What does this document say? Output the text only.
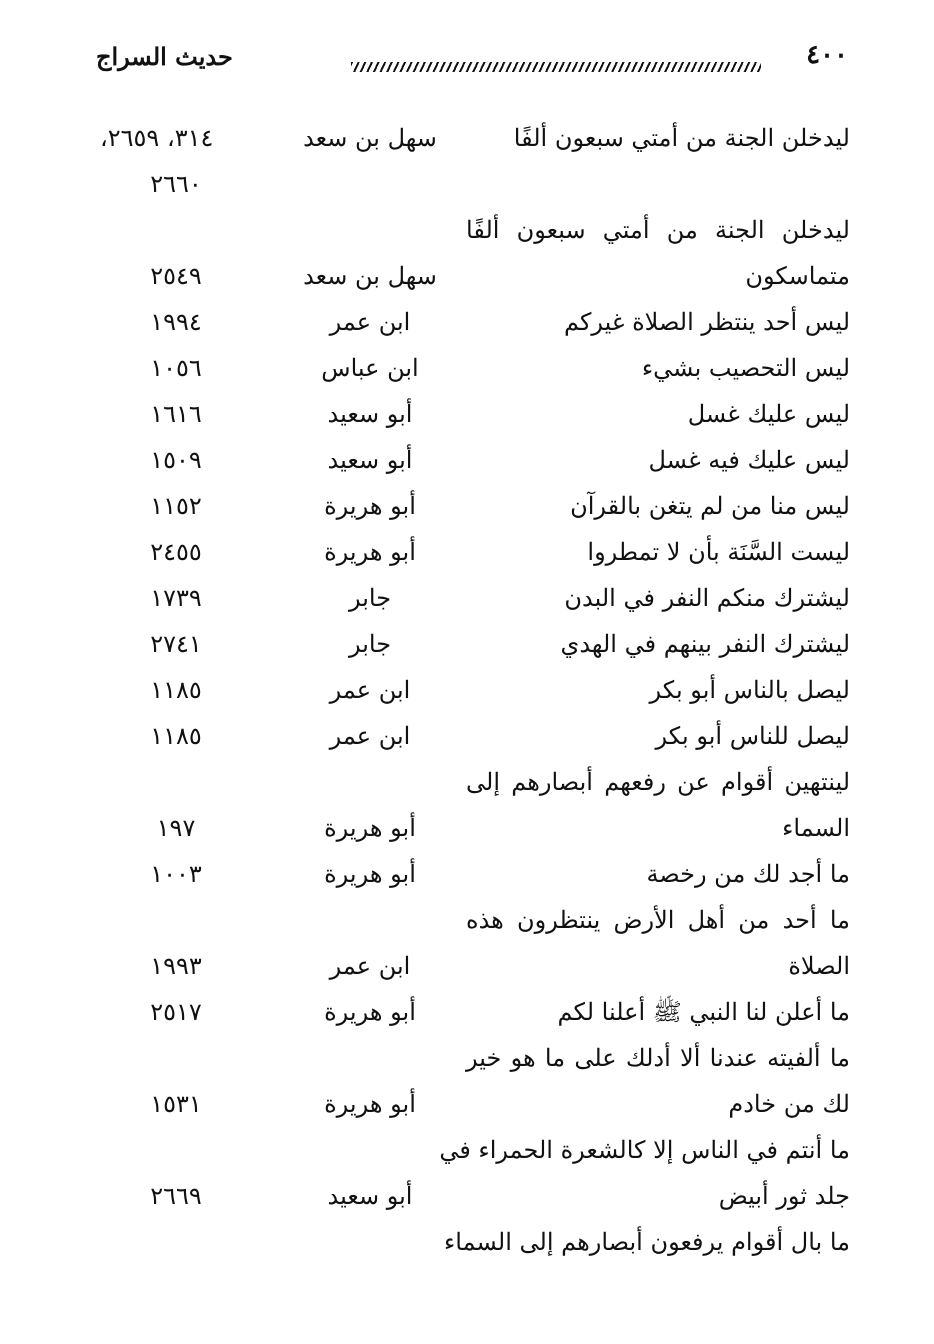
٤٠٠
حديث السراج
ليدخلن الجنة من أمتي سبعون ألفًا
سهل بن سعد
٣١٤، ٢٦٥٩،
٢٦٦٠
ليدخلن الجنة من أمتي سبعون ألفًا
متماسكون
سهل بن سعد
٢٥٤٩
ليس أحد ينتظر الصلاة غيركم
ابن عمر
١٩٩٤
ليس التحصيب بشيء
ابن عباس
١٠٥٦
ليس عليك غسل
أبو سعيد
١٦١٦
ليس عليك فيه غسل
أبو سعيد
١٥٠٩
ليس منا من لم يتغن بالقرآن
أبو هريرة
١١٥٢
ليست السَّنَة بأن لا تمطروا
أبو هريرة
٢٤٥٥
ليشترك منكم النفر في البدن
جابر
١٧٣٩
ليشترك النفر بينهم في الهدي
جابر
٢٧٤١
ليصل بالناس أبو بكر
ابن عمر
١١٨٥
ليصل للناس أبو بكر
ابن عمر
١١٨٥
لينتهين أقوام عن رفعهم أبصارهم إلى
السماء
أبو هريرة
١٩٧
ما أجد لك من رخصة
أبو هريرة
١٠٠٣
ما أحد من أهل الأرض ينتظرون هذه
الصلاة
ابن عمر
١٩٩٣
ما أعلن لنا النبي ﷺ أعلنا لكم
أبو هريرة
٢٥١٧
ما ألفيته عندنا ألا أدلك على ما هو خير
لك من خادم
أبو هريرة
١٥٣١
ما أنتم في الناس إلا كالشعرة الحمراء في
جلد ثور أبيض
أبو سعيد
٢٦٦٩
ما بال أقوام يرفعون أبصارهم إلى السماء
